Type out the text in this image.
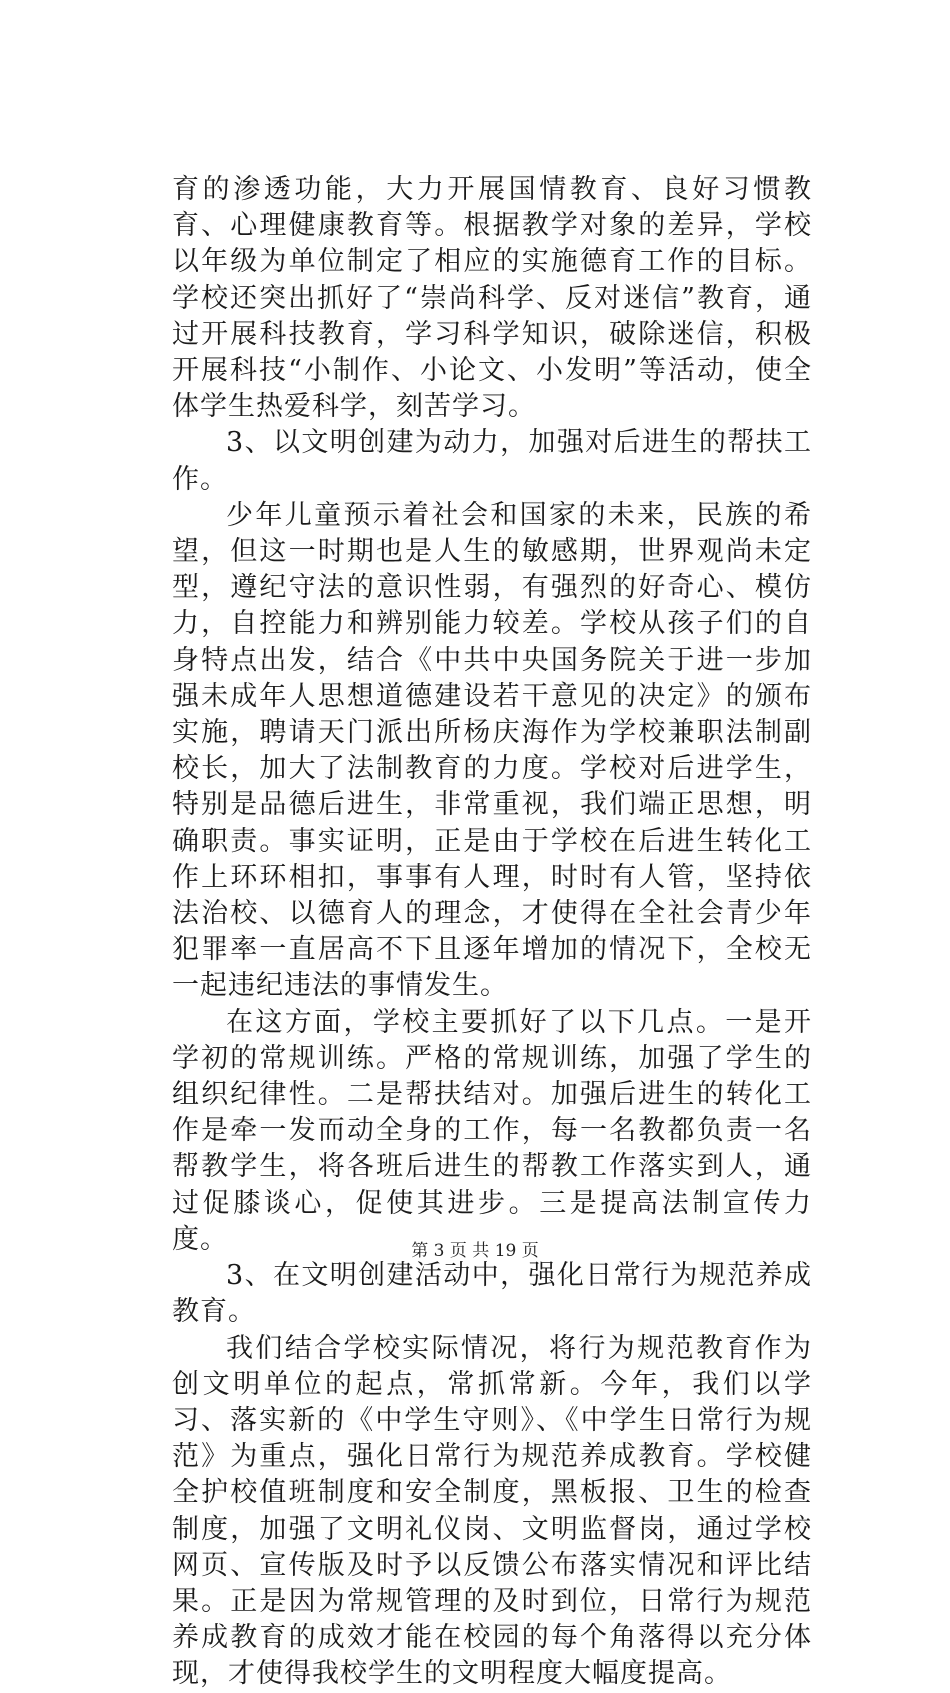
育的渗透功能，大力开展国情教育、良好习惯教育、心理健康教育等。根据教学对象的差异，学校以年级为单位制定了相应的实施德育工作的目标。学校还突出抓好了“崇尚科学、反对迷信”教育，通过开展科技教育，学习科学知识，破除迷信，积极开展科技“小制作、小论文、小发明”等活动，使全体学生热爱科学，刻苦学习。

3、以文明创建为动力，加强对后进生的帮扶工作。

少年儿童预示着社会和国家的未来，民族的希望，但这一时期也是人生的敏感期，世界观尚未定型，遵纪守法的意识性弱，有强烈的好奇心、模仿力，自控能力和辨别能力较差。学校从孩子们的自身特点出发，结合《中共中央国务院关于进一步加强未成年人思想道德建设若干意见的决定》的颁布实施，聘请天门派出所杨庆海作为学校兼职法制副校长，加大了法制教育的力度。学校对后进学生，特别是品德后进生，非常重视，我们端正思想，明确职责。事实证明，正是由于学校在后进生转化工作上环环相扣，事事有人理，时时有人管，坚持依法治校、以德育人的理念，才使得在全社会青少年犯罪率一直居高不下且逐年增加的情况下，全校无一起违纪违法的事情发生。

在这方面，学校主要抓好了以下几点。一是开学初的常规训练。严格的常规训练，加强了学生的组织纪律性。二是帮扶结对。加强后进生的转化工作是牵一发而动全身的工作，每一名教都负责一名帮教学生，将各班后进生的帮教工作落实到人，通过促膝谈心，促使其进步。三是提高法制宣传力度。

3、在文明创建活动中，强化日常行为规范养成教育。

我们结合学校实际情况，将行为规范教育作为创文明单位的起点，常抓常新。今年，我们以学习、落实新的《中学生守则》、《中学生日常行为规范》为重点，强化日常行为规范养成教育。学校健全护校值班制度和安全制度，黑板报、卫生的检查制度，加强了文明礼仪岗、文明监督岗，通过学校网页、宣传版及时予以反馈公布落实情况和评比结果。正是因为常规管理的及时到位，日常行为规范养成教育的成效才能在校园的每个角落得以充分体现，才使得我校学生的文明程度大幅度提高。

第 3 页 共 19 页
